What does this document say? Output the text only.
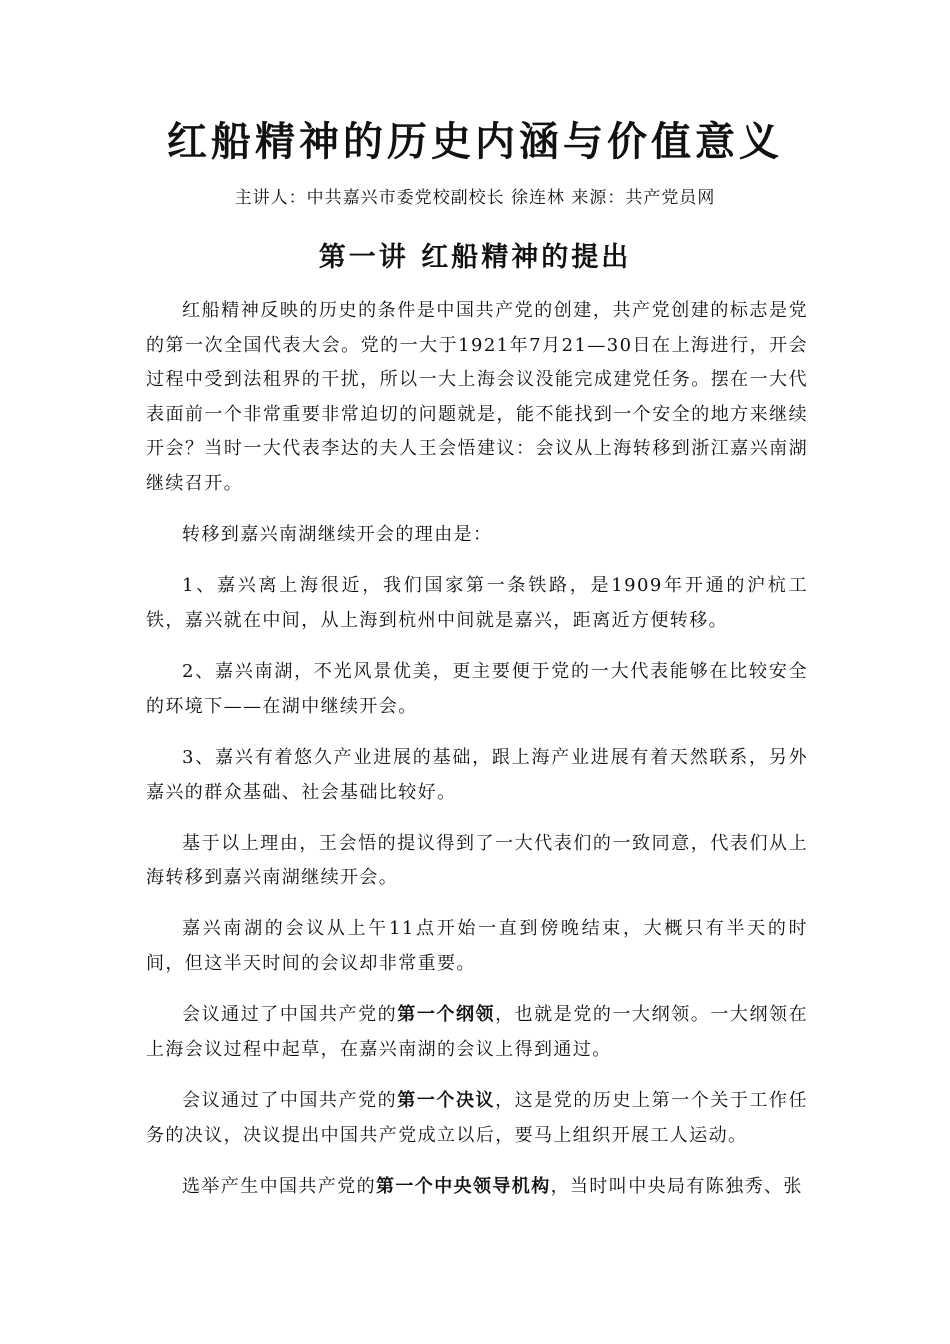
红船精神的历史内涵与价值意义
主讲人：中共嘉兴市委党校副校长 徐连林 来源：共产党员网
第一讲 红船精神的提出

红船精神反映的历史的条件是中国共产党的创建，共产党创建的标志是党的第一次全国代表大会。党的一大于1921年7月21—30日在上海进行，开会过程中受到法租界的干扰，所以一大上海会议没能完成建党任务。摆在一大代表面前一个非常重要非常迫切的问题就是，能不能找到一个安全的地方来继续开会？当时一大代表李达的夫人王会悟建议：会议从上海转移到浙江嘉兴南湖继续召开。

转移到嘉兴南湖继续开会的理由是：

1、嘉兴离上海很近，我们国家第一条铁路，是1909年开通的沪杭工铁，嘉兴就在中间，从上海到杭州中间就是嘉兴，距离近方便转移。

2、嘉兴南湖，不光风景优美，更主要便于党的一大代表能够在比较安全的环境下——在湖中继续开会。

3、嘉兴有着悠久产业进展的基础，跟上海产业进展有着天然联系，另外嘉兴的群众基础、社会基础比较好。

基于以上理由，王会悟的提议得到了一大代表们的一致同意，代表们从上海转移到嘉兴南湖继续开会。

嘉兴南湖的会议从上午11点开始一直到傍晚结束，大概只有半天的时间，但这半天时间的会议却非常重要。

会议通过了中国共产党的第一个纲领，也就是党的一大纲领。一大纲领在上海会议过程中起草，在嘉兴南湖的会议上得到通过。

会议通过了中国共产党的第一个决议，这是党的历史上第一个关于工作任务的决议，决议提出中国共产党成立以后，要马上组织开展工人运动。

选举产生中国共产党的第一个中央领导机构，当时叫中央局有陈独秀、张
